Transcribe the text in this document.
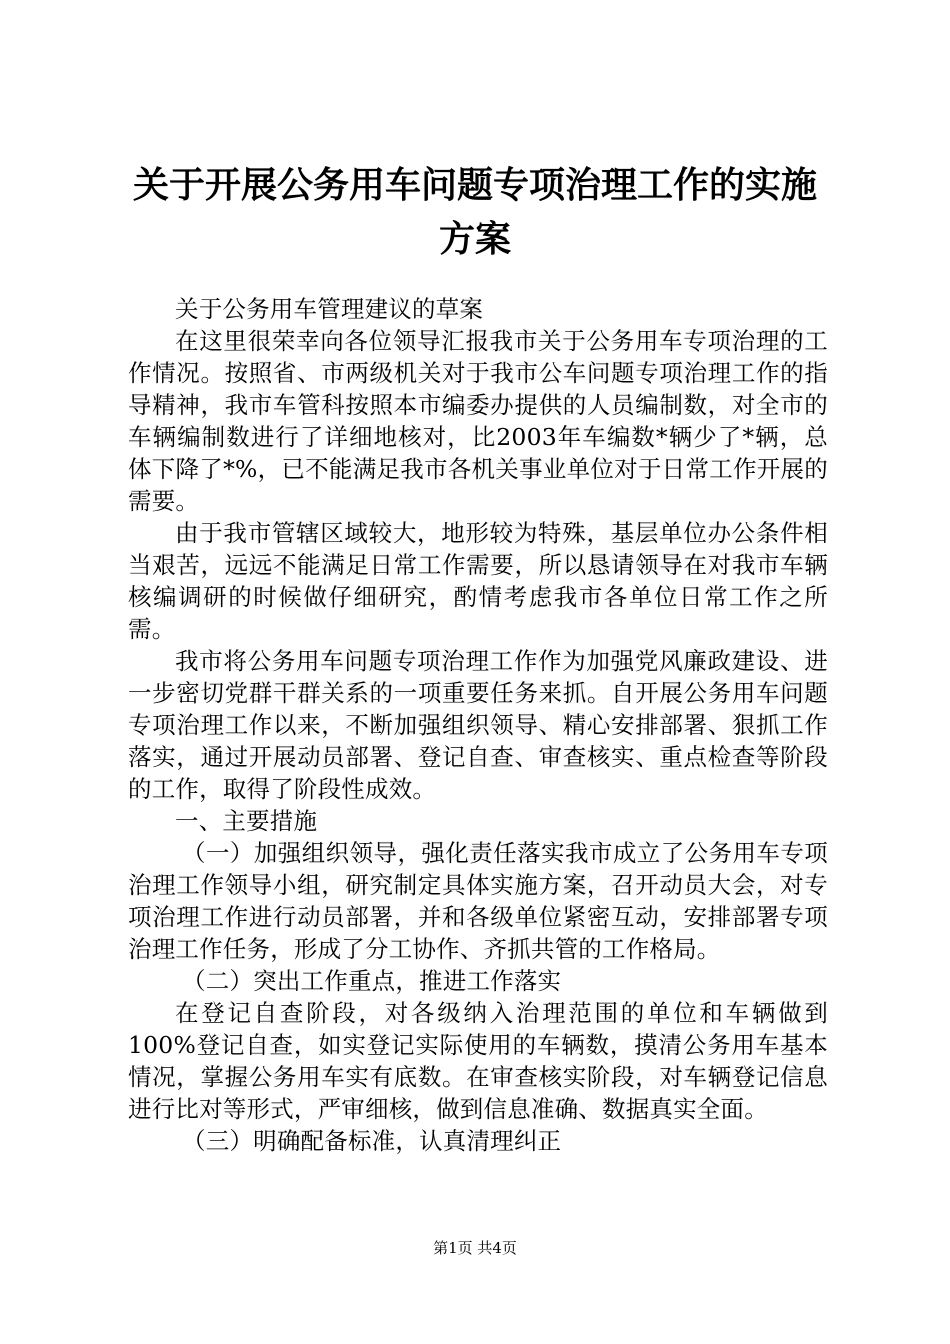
关于开展公务用车问题专项治理工作的实施方案

关于公务用车管理建议的草案

在这里很荣幸向各位领导汇报我市关于公务用车专项治理的工作情况。按照省、市两级机关对于我市公车问题专项治理工作的指导精神，我市车管科按照本市编委办提供的人员编制数，对全市的车辆编制数进行了详细地核对，比2003年车编数*辆少了*辆，总体下降了*%，已不能满足我市各机关事业单位对于日常工作开展的需要。

由于我市管辖区域较大，地形较为特殊，基层单位办公条件相当艰苦，远远不能满足日常工作需要，所以恳请领导在对我市车辆核编调研的时候做仔细研究，酌情考虑我市各单位日常工作之所需。

我市将公务用车问题专项治理工作作为加强党风廉政建设、进一步密切党群干群关系的一项重要任务来抓。自开展公务用车问题专项治理工作以来，不断加强组织领导、精心安排部署、狠抓工作落实，通过开展动员部署、登记自查、审查核实、重点检查等阶段的工作，取得了阶段性成效。

一、主要措施

（一）加强组织领导，强化责任落实我市成立了公务用车专项治理工作领导小组，研究制定具体实施方案，召开动员大会，对专项治理工作进行动员部署，并和各级单位紧密互动，安排部署专项治理工作任务，形成了分工协作、齐抓共管的工作格局。

（二）突出工作重点，推进工作落实

在登记自查阶段，对各级纳入治理范围的单位和车辆做到100%登记自查，如实登记实际使用的车辆数，摸清公务用车基本情况，掌握公务用车实有底数。在审查核实阶段，对车辆登记信息进行比对等形式，严审细核，做到信息准确、数据真实全面。

（三）明确配备标准，认真清理纠正

第1页 共4页
